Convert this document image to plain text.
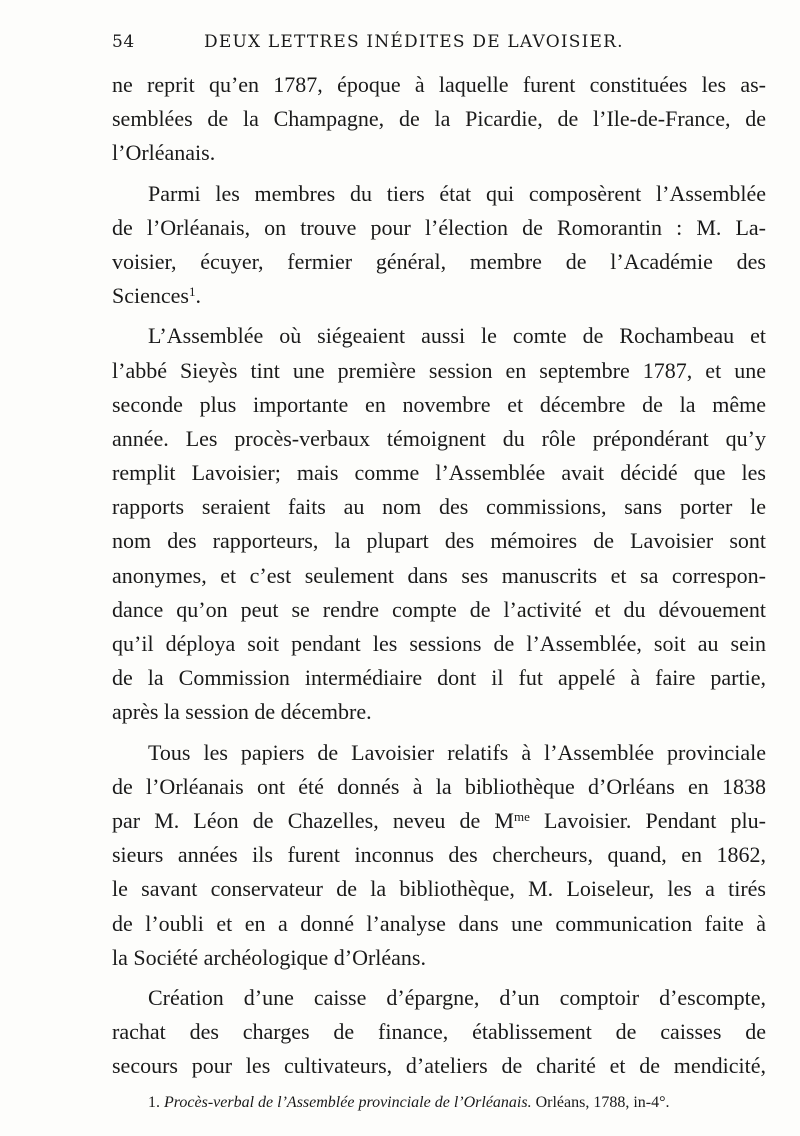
54	DEUX LETTRES INÉDITES DE LAVOISIER.
ne reprit qu’en 1787, époque à laquelle furent constituées les as-
semblées de la Champagne, de la Picardie, de l’Ile-de-France, de
l’Orléanais.
Parmi les membres du tiers état qui composèrent l’Assemblée
de l’Orléanais, on trouve pour l’élection de Romorantin : M. La-
voisier, écuyer, fermier général, membre de l’Académie des
Sciences$^1$.
L’Assemblée où siégeaient aussi le comte de Rochambeau et
l’abbé Sieyès tint une première session en septembre 1787, et une
seconde plus importante en novembre et décembre de la même
année. Les procès-verbaux témoignent du rôle prépondérant qu’y
remplit Lavoisier; mais comme l’Assemblée avait décidé que les
rapports seraient faits au nom des commissions, sans porter le
nom des rapporteurs, la plupart des mémoires de Lavoisier sont
anonymes, et c’est seulement dans ses manuscrits et sa correspon-
dance qu’on peut se rendre compte de l’activité et du dévouement
qu’il déploya soit pendant les sessions de l’Assemblée, soit au sein
de la Commission intermédiaire dont il fut appelé à faire partie,
après la session de décembre.
Tous les papiers de Lavoisier relatifs à l’Assemblée provinciale
de l’Orléanais ont été donnés à la bibliothèque d’Orléans en 1838
par M. Léon de Chazelles, neveu de $M^{me}$ Lavoisier. Pendant plu-
sieurs années ils furent inconnus des chercheurs, quand, en 1862,
le savant conservateur de la bibliothèque, M. Loiseleur, les a tirés
de l’oubli et en a donné l’analyse dans une communication faite à
la Société archéologique d’Orléans.
Création d’une caisse d’épargne, d’un comptoir d’escompte,
rachat des charges de finance, établissement de caisses de
secours pour les cultivateurs, d’ateliers de charité et de mendicité,
1. Procès-verbal de l’Assemblée provinciale de l’Orléanais. Orléans, 1788, in-4°.
